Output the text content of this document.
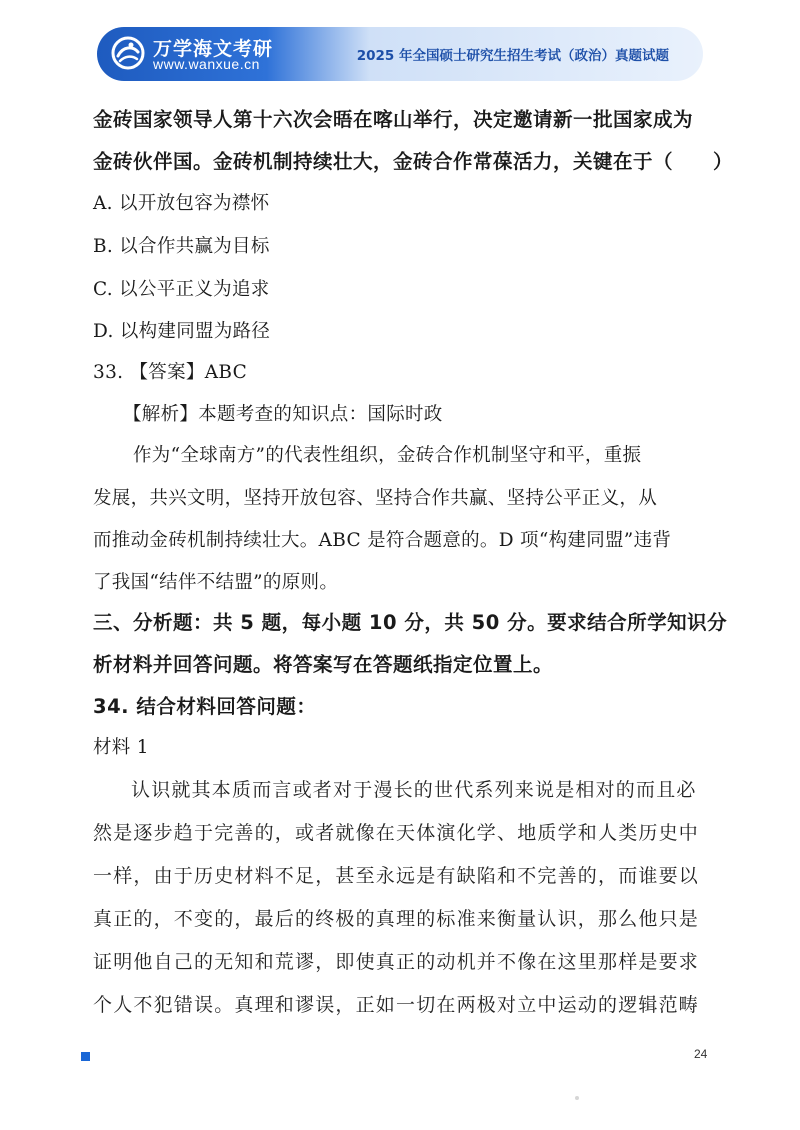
万学海文考研
www.wanxue.cn	2025 年全国硕士研究生招生考试（政治）真题试题
金砖国家领导人第十六次会晤在喀山举行，决定邀请新一批国家成为
金砖伙伴国。金砖机制持续壮大，金砖合作常葆活力，关键在于（　　）
A. 以开放包容为襟怀
B. 以合作共赢为目标
C. 以公平正义为追求
D. 以构建同盟为路径
33. 【答案】ABC
【解析】本题考查的知识点：国际时政
作为“全球南方”的代表性组织，金砖合作机制坚守和平，重振
发展，共兴文明，坚持开放包容、坚持合作共赢、坚持公平正义，从
而推动金砖机制持续壮大。ABC 是符合题意的。D 项“构建同盟”违背
了我国“结伴不结盟”的原则。
三、分析题：共 5 题，每小题 10 分，共 50 分。要求结合所学知识分
析材料并回答问题。将答案写在答题纸指定位置上。
34. 结合材料回答问题：
材料 1
认识就其本质而言或者对于漫长的世代系列来说是相对的而且必
然是逐步趋于完善的，或者就像在天体演化学、地质学和人类历史中
一样，由于历史材料不足，甚至永远是有缺陷和不完善的，而谁要以
真正的，不变的，最后的终极的真理的标准来衡量认识，那么他只是
证明他自己的无知和荒谬，即使真正的动机并不像在这里那样是要求
个人不犯错误。真理和谬误，正如一切在两极对立中运动的逻辑范畴
24
